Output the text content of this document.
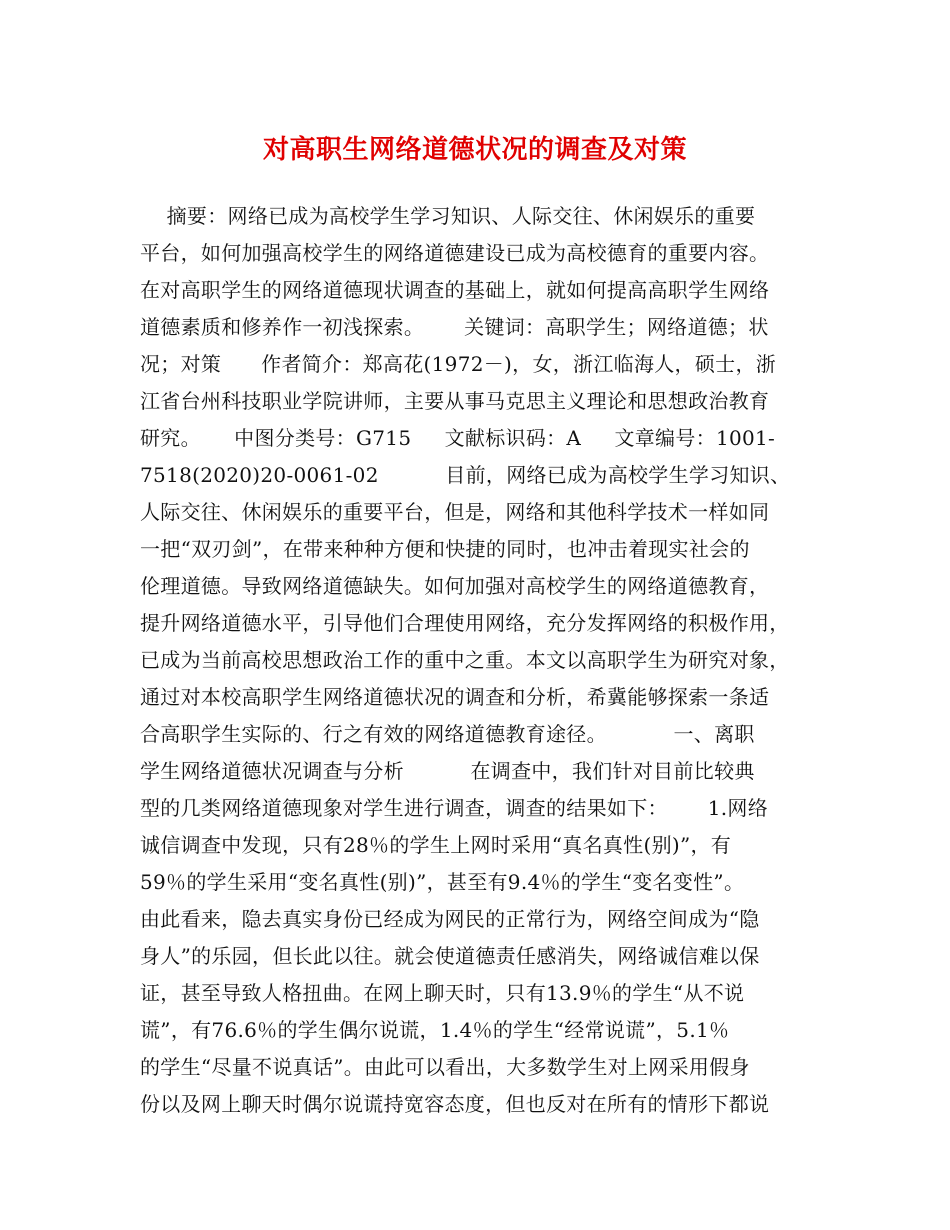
对高职生网络道德状况的调查及对策
摘要：网络已成为高校学生学习知识、人际交往、休闲娱乐的重要
平台，如何加强高校学生的网络道德建设已成为高校德育的重要内容。
在对高职学生的网络道德现状调查的基础上，就如何提高高职学生网络
道德素质和修养作一初浅探索。      关键词：高职学生；网络道德；状
况；对策      作者简介：郑高花(1972－)，女，浙江临海人，硕士，浙
江省台州科技职业学院讲师，主要从事马克思主义理论和思想政治教育
研究。     中图分类号：G715     文献标识码：A     文章编号：1001-
7518(2020)20-0061-02          目前，网络已成为高校学生学习知识、
人际交往、休闲娱乐的重要平台，但是，网络和其他科学技术一样如同
一把“双刃剑”，在带来种种方便和快捷的同时，也冲击着现实社会的
伦理道德。导致网络道德缺失。如何加强对高校学生的网络道德教育，
提升网络道德水平，引导他们合理使用网络，充分发挥网络的积极作用，
已成为当前高校思想政治工作的重中之重。本文以高职学生为研究对象，
通过对本校高职学生网络道德状况的调查和分析，希冀能够探索一条适
合高职学生实际的、行之有效的网络道德教育途径。          一、离职
学生网络道德状况调查与分析          在调查中，我们针对目前比较典
型的几类网络道德现象对学生进行调查，调查的结果如下：      1.网络
诚信调查中发现，只有28％的学生上网时采用“真名真性(别)”，有
59％的学生采用“变名真性(别)”，甚至有9.4％的学生“变名变性”。
由此看来，隐去真实身份已经成为网民的正常行为，网络空间成为“隐
身人”的乐园，但长此以往。就会使道德责任感消失，网络诚信难以保
证，甚至导致人格扭曲。在网上聊天时，只有13.9％的学生“从不说
谎”，有76.6％的学生偶尔说谎，1.4％的学生“经常说谎”，5.1％
的学生“尽量不说真话”。由此可以看出，大多数学生对上网采用假身
份以及网上聊天时偶尔说谎持宽容态度，但也反对在所有的情形下都说
